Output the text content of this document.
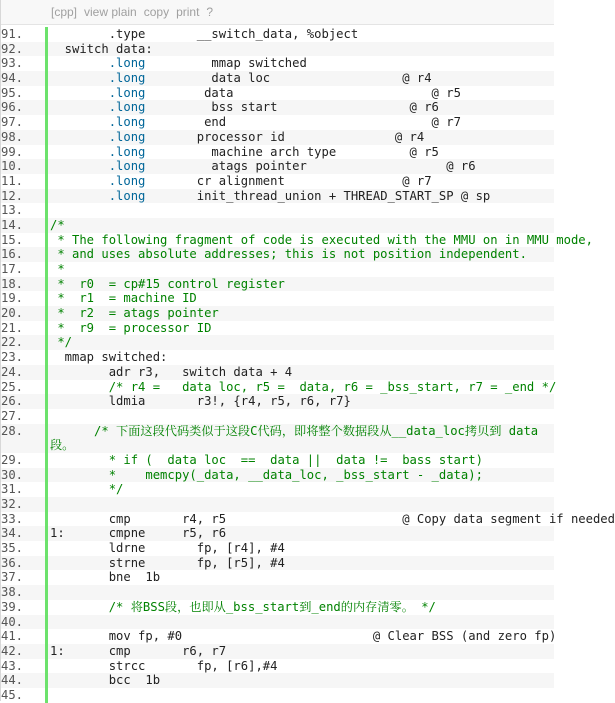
[cpp] view plain copy print ?
91.	.type       __switch_data, %object
92.	switch data:
93.	.long         mmap switched
94.	.long         data loc                  @ r4
95.	.long        data                           @ r5
96.	.long         bss start                  @ r6
97.	.long        end                            @ r7
98.	.long       processor id               @ r4
99.	.long         machine arch type          @ r5
10.	.long         atags pointer                   @ r6
11.	.long       cr alignment                @ r7
12.	.long       init_thread_union + THREAD_START_SP @ sp
13.
14.	/*
15.	* The following fragment of code is executed with the MMU on in MMU mode,
16.	* and uses absolute addresses; this is not position independent.
17.	*
18.	*  r0  = cp#15 control register
19.	*  r1  = machine ID
20.	*  r2  = atags pointer
21.	*  r9  = processor ID
22.	*/
23.	mmap switched:
24.	adr r3,   switch data + 4
25.	/* r4 =   data loc, r5 =  data, r6 = _bss_start, r7 = _end */
26.	ldmia       r3!, {r4, r5, r6, r7}
27.
28.	/* 下面这段代码类似于这段C代码，即将整个数据段从__data_loc拷贝到 data段。
29.	* if (  data loc  ==  data ||  data !=  bass start)
30.	*    memcpy(_data, __data_loc, _bss_start - _data);
31.	*/
32.
33.	cmp       r4, r5                        @ Copy data segment if needed
34.	1:      cmpne     r5, r6
35.	ldrne       fp, [r4], #4
36.	strne       fp, [r5], #4
37.	bne  1b
38.
39.	/* 将BSS段，也即从_bss_start到_end的内存清零。 */
40.
41.	mov fp, #0                          @ Clear BSS (and zero fp)
42.	1:      cmp       r6, r7
43.	strcc       fp, [r6],#4
44.	bcc  1b
45.
